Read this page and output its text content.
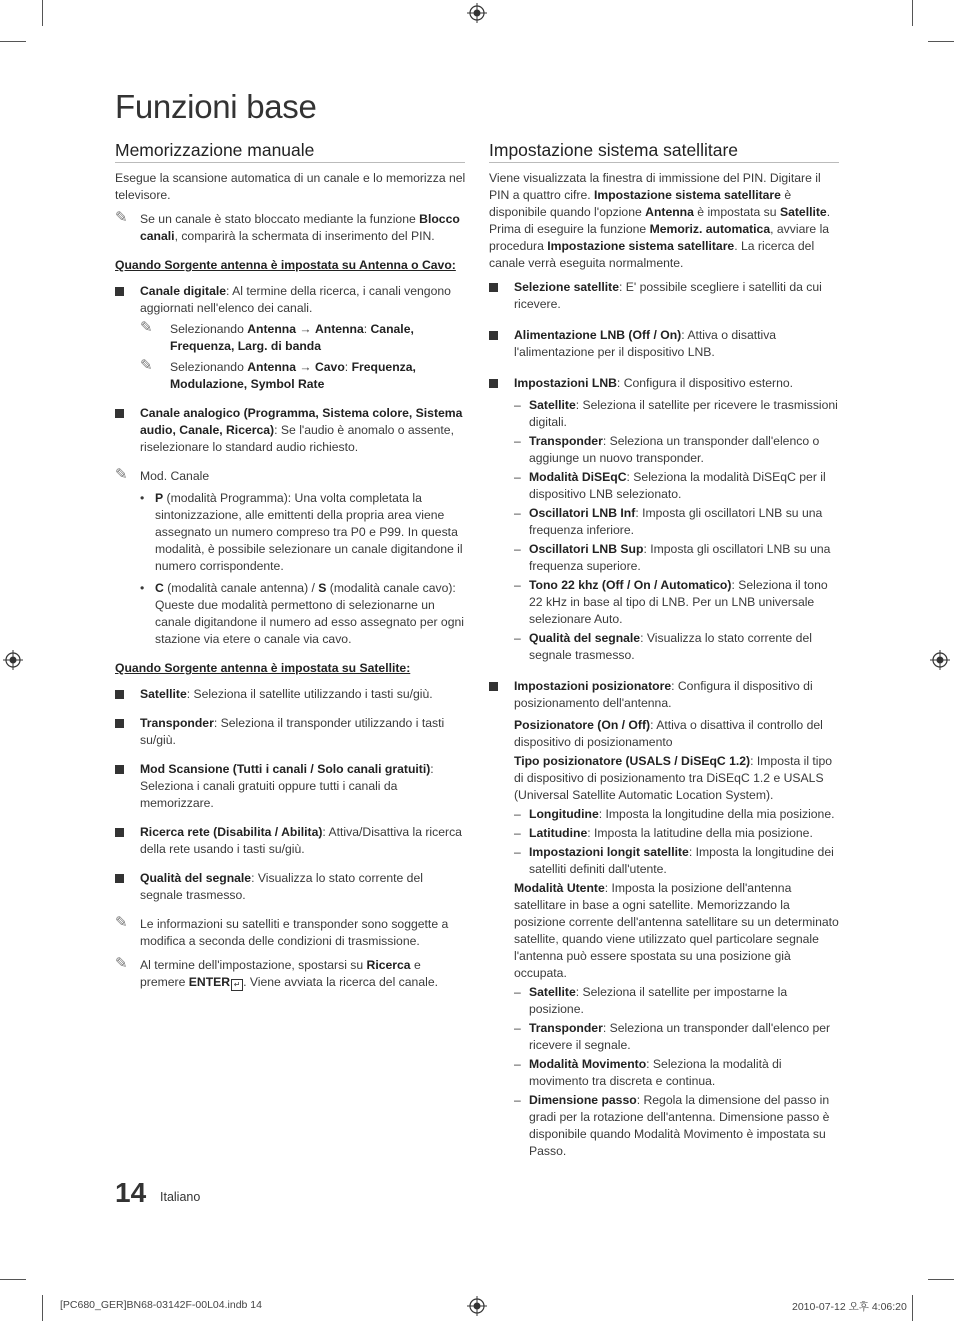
Funzioni base
Memorizzazione manuale	Impostazione sistema satellitare

Esegue la scansione automatica di un canale e lo memorizza nel televisore.

✎ Se un canale è stato bloccato mediante la funzione Blocco canali, comparirà la schermata di inserimento del PIN.

Quando Sorgente antenna è impostata su Antenna o Cavo:

Canale digitale: Al termine della ricerca, i canali vengono aggiornati nell'elenco dei canali.
✎ Selezionando Antenna → Antenna: Canale, Frequenza, Larg. di banda
✎ Selezionando Antenna → Cavo: Frequenza, Modulazione, Symbol Rate
Canale analogico (Programma, Sistema colore, Sistema audio, Canale, Ricerca): Se l'audio è anomalo o assente, riselezionare lo standard audio richiesto.
✎ Mod. Canale
• P (modalità Programma): Una volta completata la sintonizzazione, alle emittenti della propria area viene assegnato un numero compreso tra P0 e P99. In questa modalità, è possibile selezionare un canale digitandone il numero corrispondente.
• C (modalità canale antenna) / S (modalità canale cavo): Queste due modalità permettono di selezionarne un canale digitandone il numero ad esso assegnato per ogni stazione via etere o canale via cavo.

Quando Sorgente antenna è impostata su Satellite:

Satellite: Seleziona il satellite utilizzando i tasti su/giù.
Transponder: Seleziona il transponder utilizzando i tasti su/giù.
Mod Scansione (Tutti i canali / Solo canali gratuiti): Seleziona i canali gratuiti oppure tutti i canali da memorizzare.
Ricerca rete (Disabilita / Abilita): Attiva/Disattiva la ricerca della rete usando i tasti su/giù.
Qualità del segnale: Visualizza lo stato corrente del segnale trasmesso.
✎ Le informazioni su satelliti e transponder sono soggette a modifica a seconda delle condizioni di trasmissione.
✎ Al termine dell'impostazione, spostarsi su Ricerca e premere ENTER ↵ . Viene avviata la ricerca del canale.

Viene visualizzata la finestra di immissione del PIN. Digitare il PIN a quattro cifre. Impostazione sistema satellitare è disponibile quando l'opzione Antenna è impostata su Satellite. Prima di eseguire la funzione Memoriz. automatica, avviare la procedura Impostazione sistema satellitare. La ricerca del canale verrà eseguita normalmente.

Selezione satellite: E' possibile scegliere i satelliti da cui ricevere.
Alimentazione LNB (Off / On): Attiva o disattiva l'alimentazione per il dispositivo LNB.
Impostazioni LNB: Configura il dispositivo esterno.
– Satellite: Seleziona il satellite per ricevere le trasmissioni digitali.
– Transponder: Seleziona un transponder dall'elenco o aggiunge un nuovo transponder.
– Modalità DiSEqC: Seleziona la modalità DiSEqC per il dispositivo LNB selezionato.
– Oscillatori LNB Inf: Imposta gli oscillatori LNB su una frequenza inferiore.
– Oscillatori LNB Sup: Imposta gli oscillatori LNB su una frequenza superiore.
– Tono 22 khz (Off / On / Automatico): Seleziona il tono 22 kHz in base al tipo di LNB. Per un LNB universale selezionare Auto.
– Qualità del segnale: Visualizza lo stato corrente del segnale trasmesso.
Impostazioni posizionatore: Configura il dispositivo di posizionamento dell'antenna.

Posizionatore (On / Off): Attiva o disattiva il controllo del dispositivo di posizionamento

Tipo posizionatore (USALS / DiSEqC 1.2): Imposta il tipo di dispositivo di posizionamento tra DiSEqC 1.2 e USALS (Universal Satellite Automatic Location System).

– Longitudine: Imposta la longitudine della mia posizione.
– Latitudine: Imposta la latitudine della mia posizione.
– Impostazioni longit satellite: Imposta la longitudine dei satelliti definiti dall'utente.

Modalità Utente: Imposta la posizione dell'antenna satellitare in base a ogni satellite. Memorizzando la posizione corrente dell'antenna satellitare su un determinato satellite, quando viene utilizzato quel particolare segnale l'antenna può essere spostata su una posizione già occupata.

– Satellite: Seleziona il satellite per impostarne la posizione.
– Transponder: Seleziona un transponder dall'elenco per ricevere il segnale.
– Modalità Movimento: Seleziona la modalità di movimento tra discreta e continua.
– Dimensione passo: Regola la dimensione del passo in gradi per la rotazione dell'antenna. Dimensione passo è disponibile quando Modalità Movimento è impostata su Passo.
14 Italiano
[PC680_GER]BN68-03142F-00L04.indb 14	2010-07-12 오후 4:06:20
